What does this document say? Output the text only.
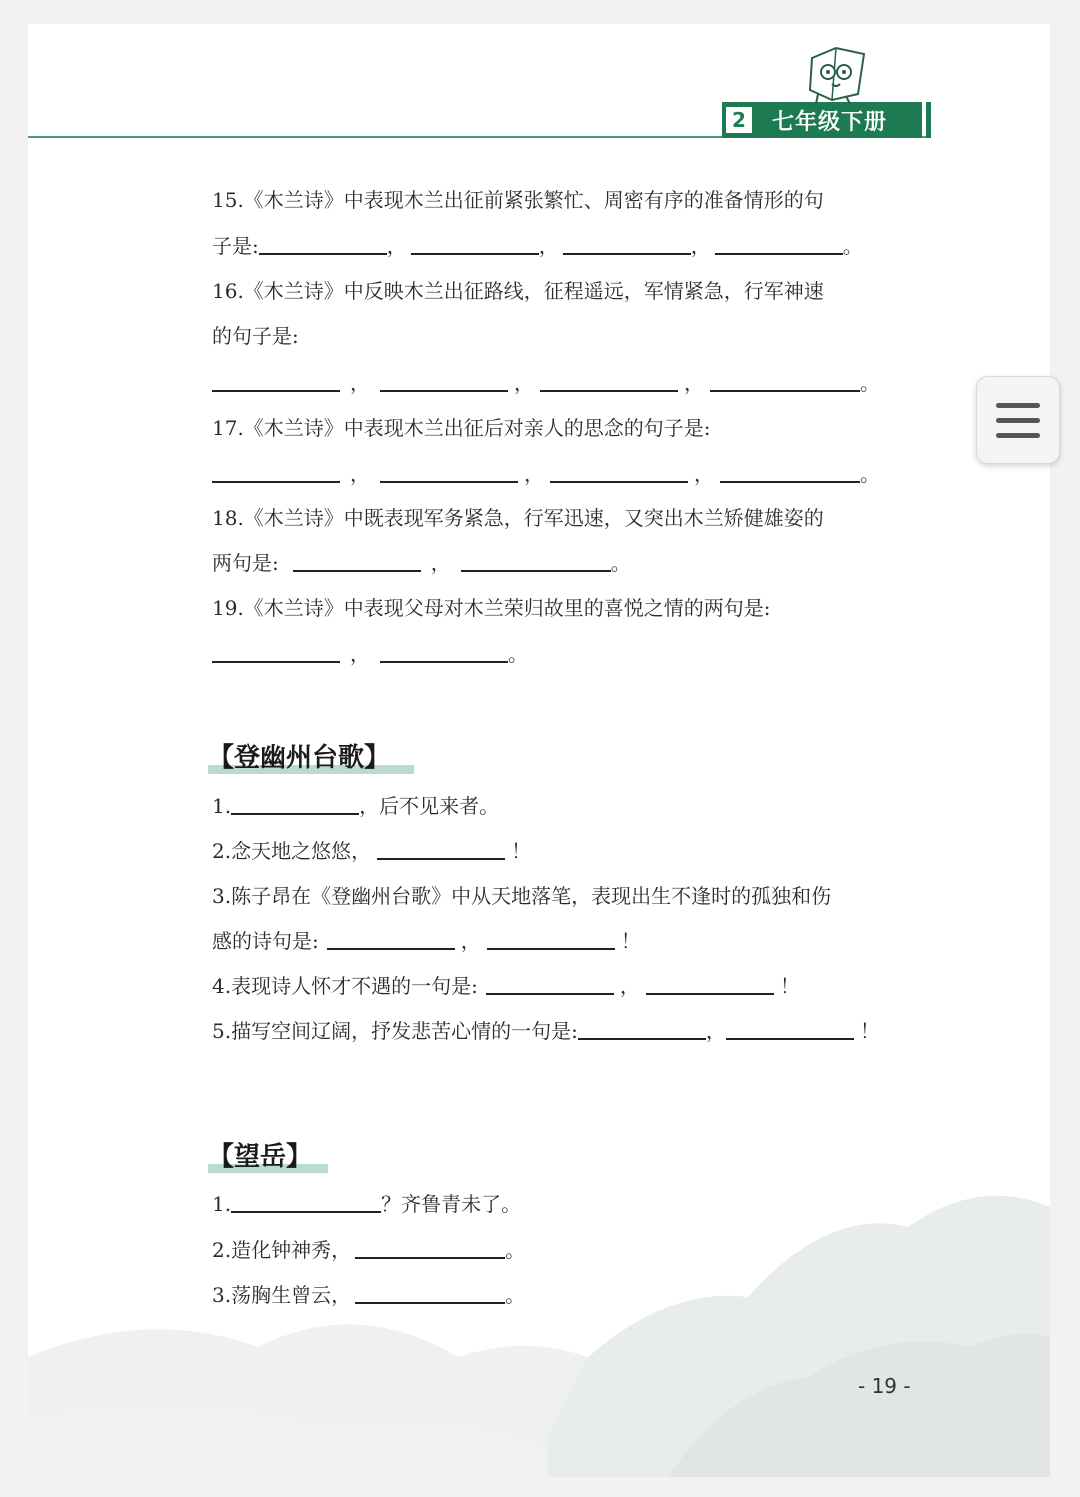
2 七年级下册
15.《木兰诗》中表现木兰出征前紧张繁忙、周密有序的准备情形的句
子是:	，	，	，	。
16.《木兰诗》中反映木兰出征路线，征程遥远，军情紧急，行军神速
的句子是:
，	，	，	。
17.《木兰诗》中表现木兰出征后对亲人的思念的句子是:
，	，	，	。
18.《木兰诗》中既表现军务紧急，行军迅速，又突出木兰矫健雄姿的
两句是:	，	。
19.《木兰诗》中表现父母对木兰荣归故里的喜悦之情的两句是:
，	。
【登幽州台歌】
1.	，后不见来者。
2.念天地之悠悠，	！
3.陈子昂在《登幽州台歌》中从天地落笔，表现出生不逢时的孤独和伤
感的诗句是:	，	！
4.表现诗人怀才不遇的一句是:	，	！
5.描写空间辽阔，抒发悲苦心情的一句是:	，	！
【望岳】
1.	？齐鲁青未了。
2.造化钟神秀，	。
3.荡胸生曾云，	。
- 19 -
